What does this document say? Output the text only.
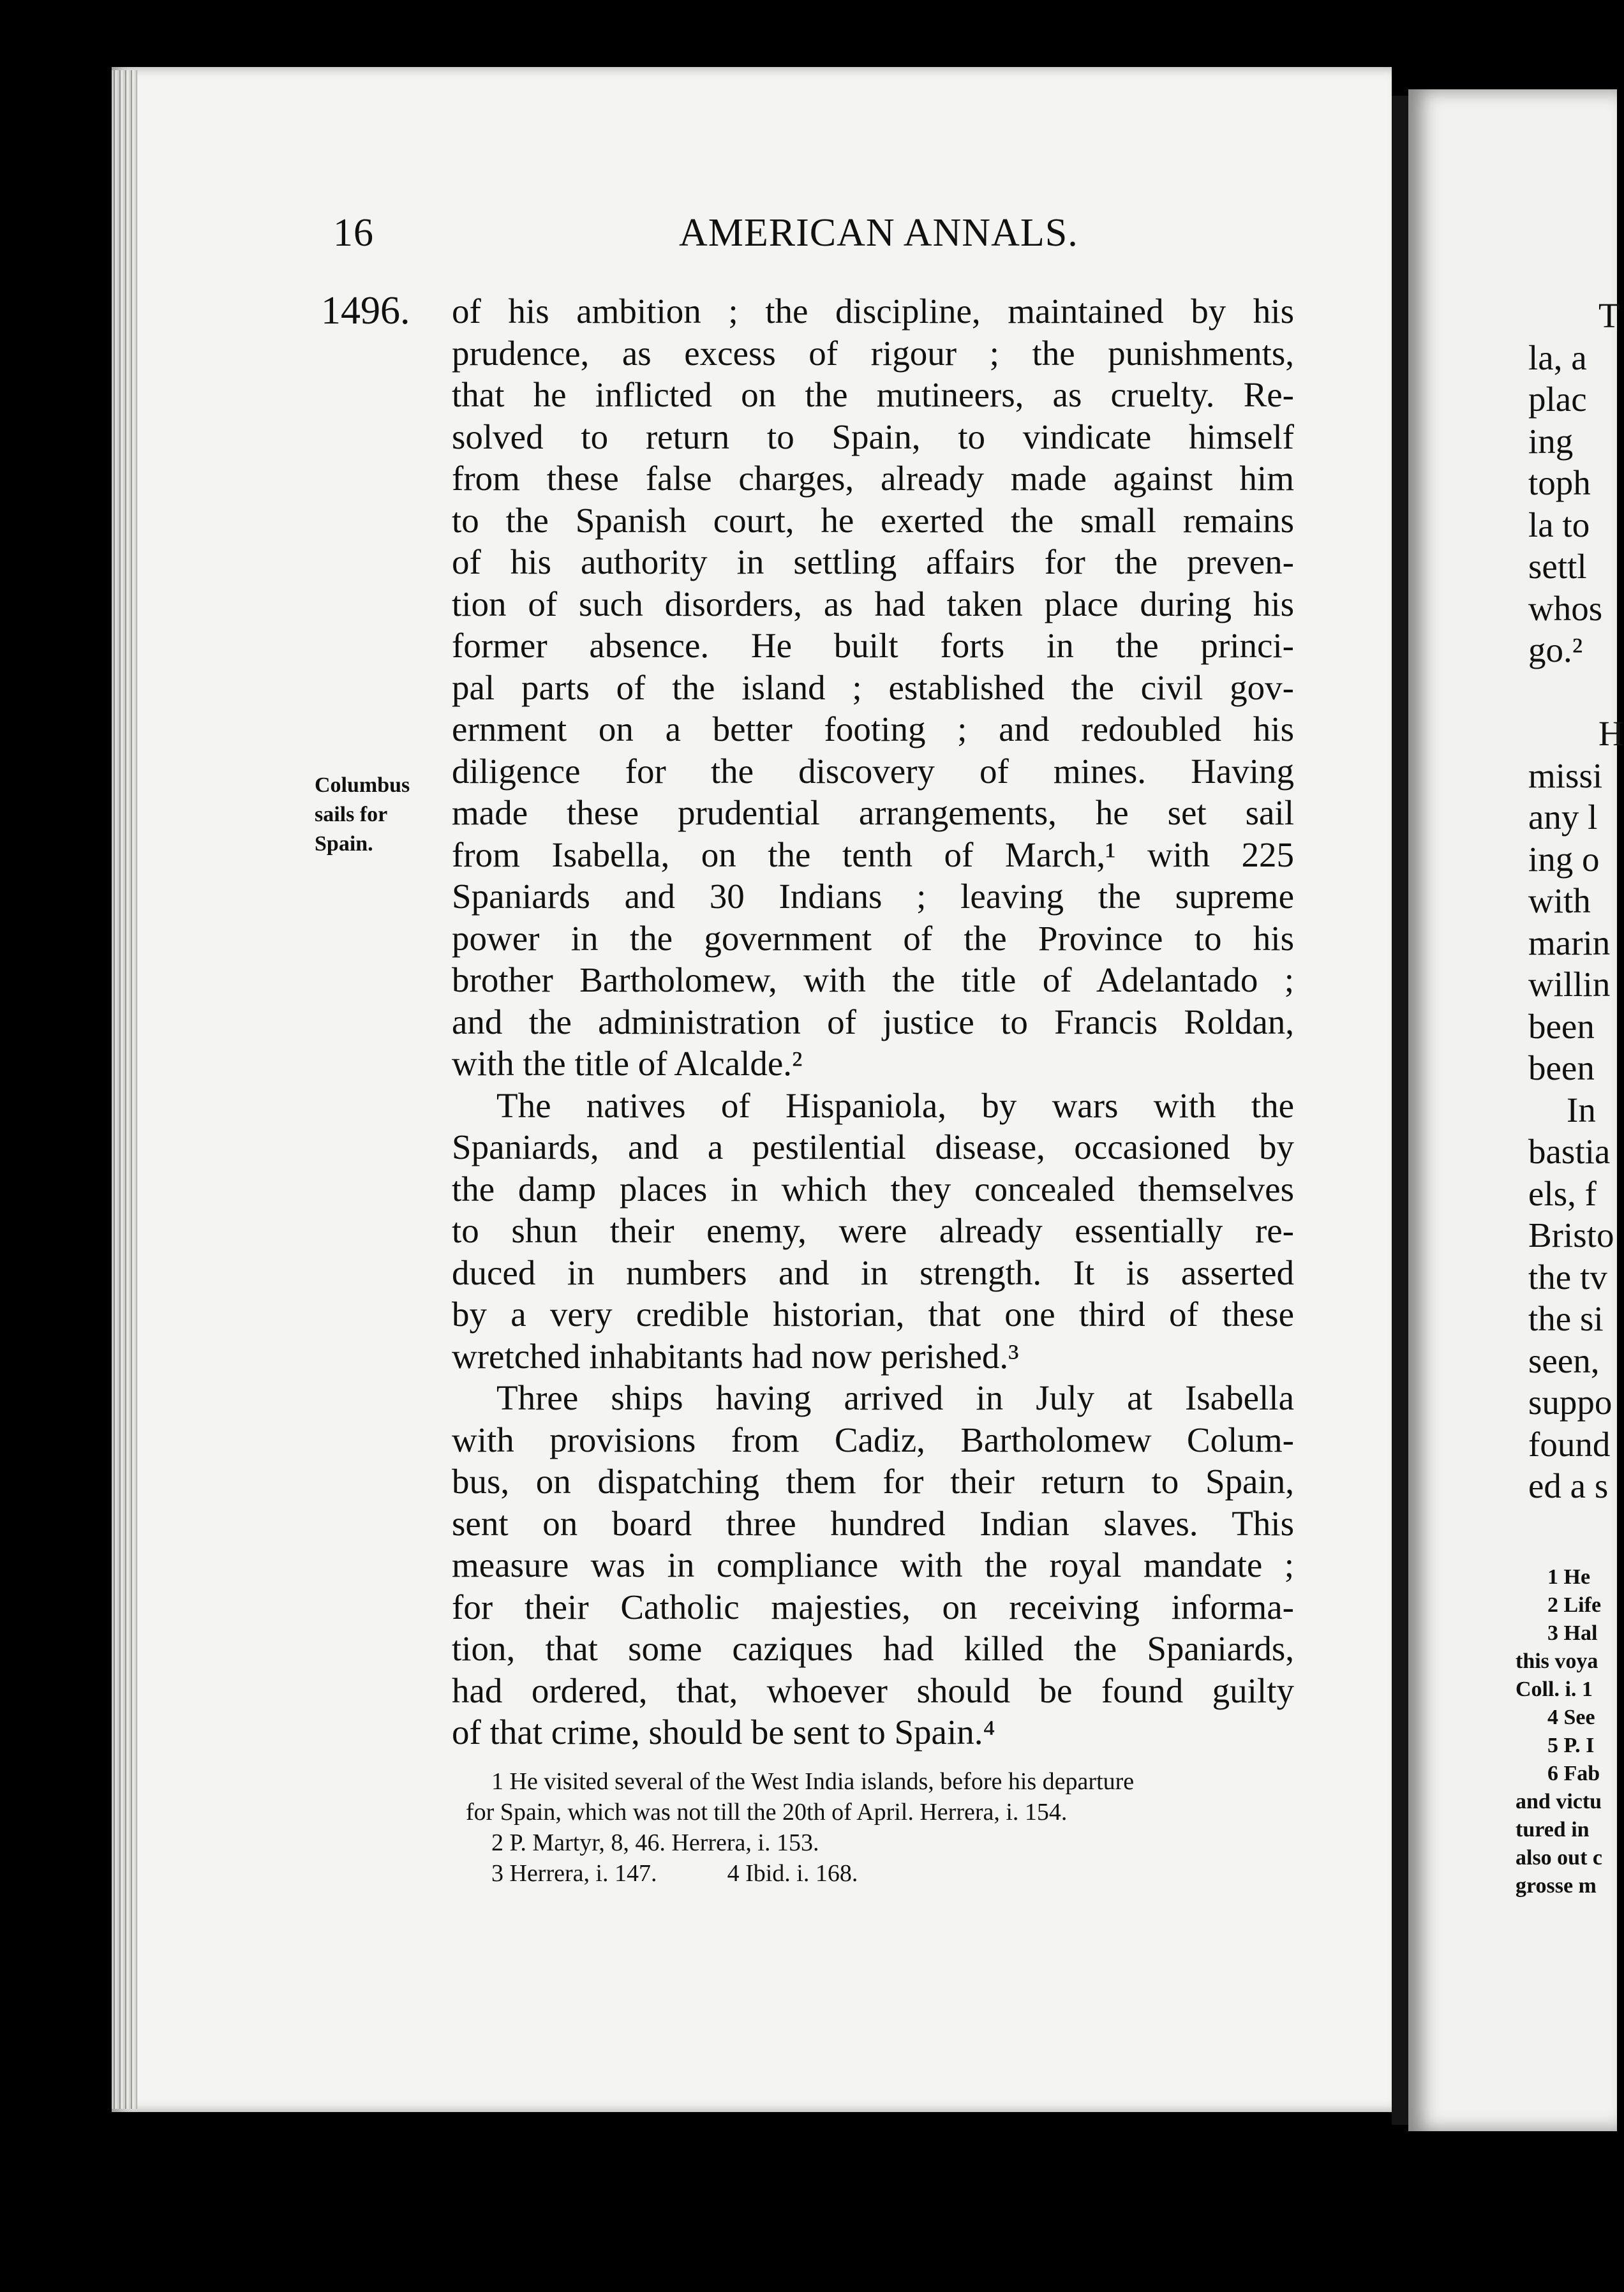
16	AMERICAN ANNALS.
1496.
Columbus
sails for
Spain.
of his ambition ; the discipline, maintained by his
prudence, as excess of rigour ; the punishments,
that he inflicted on the mutineers, as cruelty. Re-
solved to return to Spain, to vindicate himself
from these false charges, already made against him
to the Spanish court, he exerted the small remains
of his authority in settling affairs for the preven-
tion of such disorders, as had taken place during his
former absence. He built forts in the princi-
pal parts of the island ; established the civil gov-
ernment on a better footing ; and redoubled his
diligence for the discovery of mines. Having
made these prudential arrangements, he set sail
from Isabella, on the tenth of March,¹ with 225
Spaniards and 30 Indians ; leaving the supreme
power in the government of the Province to his
brother Bartholomew, with the title of Adelantado ;
and the administration of justice to Francis Roldan,
with the title of Alcalde.²
The natives of Hispaniola, by wars with the
Spaniards, and a pestilential disease, occasioned by
the damp places in which they concealed themselves
to shun their enemy, were already essentially re-
duced in numbers and in strength. It is asserted
by a very credible historian, that one third of these
wretched inhabitants had now perished.³
Three ships having arrived in July at Isabella
with provisions from Cadiz, Bartholomew Colum-
bus, on dispatching them for their return to Spain,
sent on board three hundred Indian slaves. This
measure was in compliance with the royal mandate ;
for their Catholic majesties, on receiving informa-
tion, that some caziques had killed the Spaniards,
had ordered, that, whoever should be found guilty
of that crime, should be sent to Spain.⁴
1 He visited several of the West India islands, before his departure
for Spain, which was not till the 20th of April. Herrera, i. 154.
2 P. Martyr, 8, 46. Herrera, i. 153.
3 Herrera, i. 147.	4 Ibid. i. 168.
T
la, a
plac
ing
toph
la to
settl
whos
go.²

H
missi
any l
ing o
with
marin
willin
been
been
In
bastia
els, f
Bristo
the tv
the si
seen,
suppo
found
ed a s
1 He
2 Life
3 Hal
this voya
Coll. i. 1
4 See
5 P. I
6 Fab
and victu
tured in
also out c
grosse m
